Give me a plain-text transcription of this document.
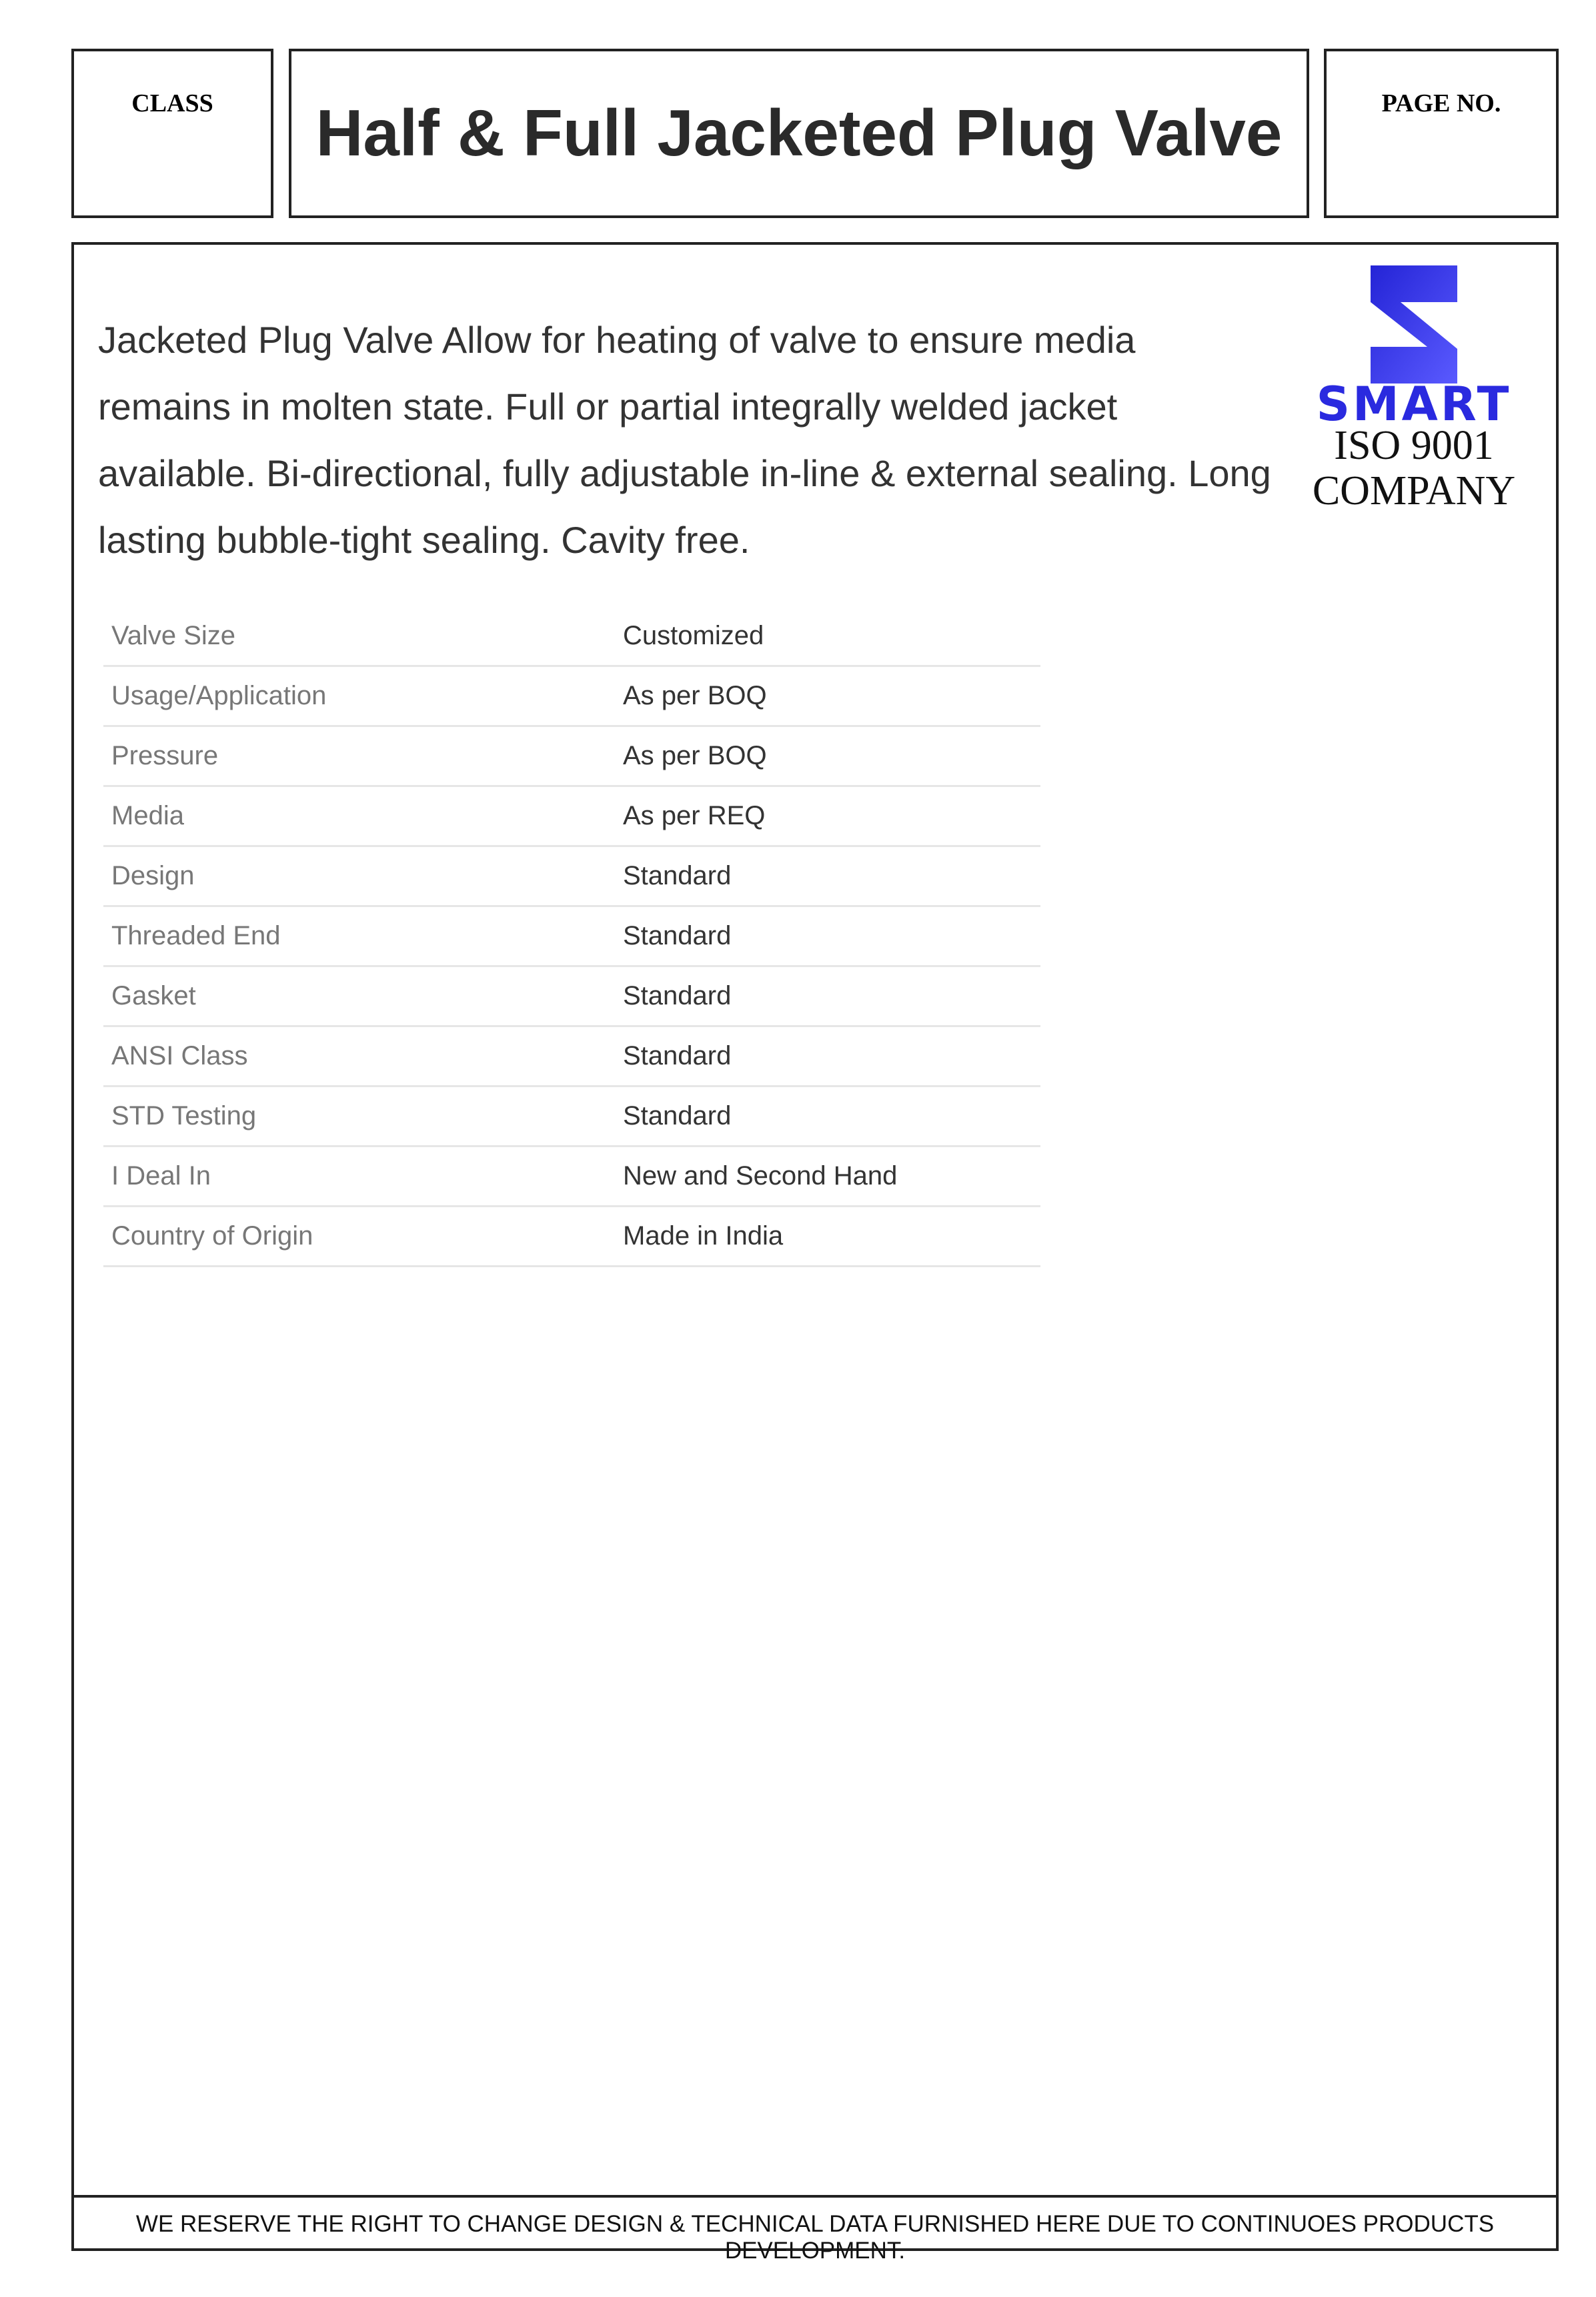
CLASS	Half & Full Jacketed Plug Valve	PAGE NO.

Jacketed Plug Valve Allow for heating of valve to ensure media remains in molten state. Full or partial integrally welded jacket available. Bi-directional, fully adjustable in-line & external sealing. Long lasting bubble-tight sealing. Cavity free.

SMART
ISO 9001
COMPANY
Valve Size	Customized
Usage/Application	As per BOQ
Pressure	As per BOQ
Media	As per REQ
Design	Standard
Threaded End	Standard
Gasket	Standard
ANSI Class	Standard
STD Testing	Standard
I Deal In	New and Second Hand
Country of Origin	Made in India
WE RESERVE THE RIGHT TO CHANGE DESIGN & TECHNICAL DATA FURNISHED HERE DUE TO CONTINUOES PRODUCTS DEVELOPMENT.
